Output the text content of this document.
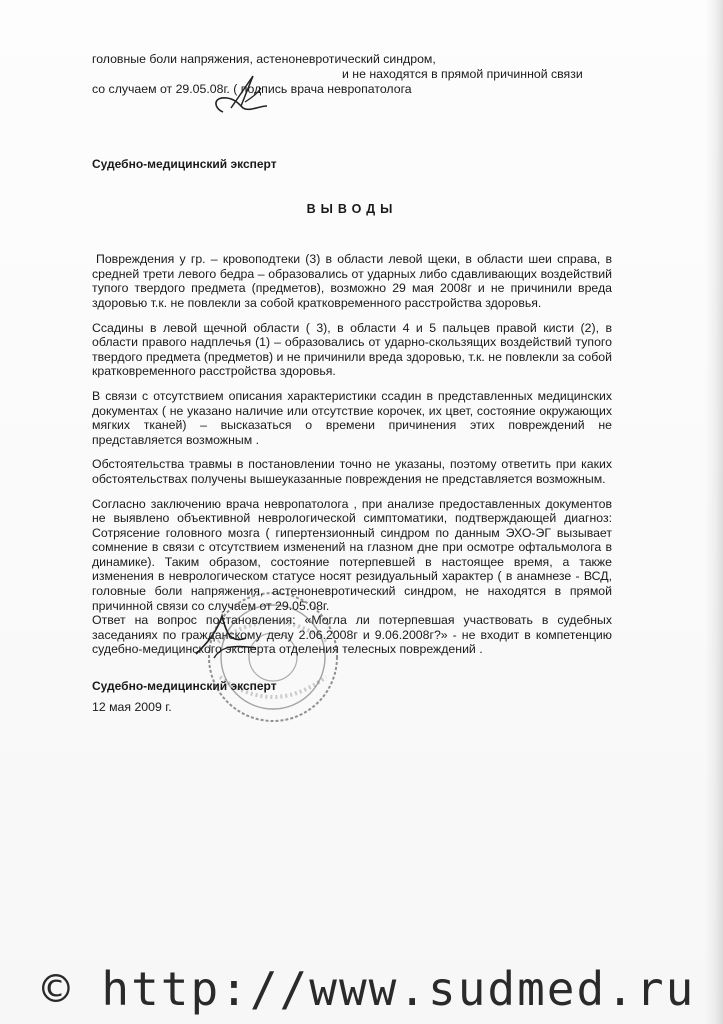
головные боли напряжения, астеноневротический синдром,
и не находятся в прямой причинной связи
со случаем от 29.05.08г. ( подпись врача невропатолога
Судебно-медицинский эксперт
ВЫВОДЫ
Повреждения у гр. – кровоподтеки (3) в области левой щеки, в области шеи справа, в средней трети левого бедра – образовались от ударных либо сдавливающих воздействий тупого твердого предмета (предметов), возможно 29 мая 2008г и не причинили вреда здоровью т.к. не повлекли за собой кратковременного расстройства здоровья.
Ссадины в левой щечной области ( 3), в области 4 и 5 пальцев правой кисти (2), в области правого надплечья (1) – образовались от ударно-скользящих воздействий тупого твердого предмета (предметов) и не причинили вреда здоровью, т.к. не повлекли за собой кратковременного расстройства здоровья.
В связи с отсутствием описания характеристики ссадин в представленных медицинских документах ( не указано наличие или отсутствие корочек, их цвет, состояние окружающих мягких тканей) – высказаться о времени причинения этих повреждений не представляется возможным .
Обстоятельства травмы в постановлении точно не указаны, поэтому ответить при каких обстоятельствах получены вышеуказанные повреждения не представляется возможным.
Согласно заключению врача невропатолога , при анализе предоставленных документов не выявлено объективной неврологической симптоматики, подтверждающей диагноз: Сотрясение головного мозга ( гипертензионный синдром по данным ЭХО-ЭГ вызывает сомнение в связи с отсутствием изменений на глазном дне при осмотре офтальмолога в динамике). Таким образом, состояние потерпевшей в настоящее время, а также изменения в неврологическом статусе носят резидуальный характер ( в анамнезе - ВСД, головные боли напряжения, астеноневротический синдром, не находятся в прямой причинной связи со случаем от 29.05.08г.
Ответ на вопрос постановления: «Могла ли потерпевшая участвовать в судебных заседаниях по гражданскому делу 2.06.2008г и 9.06.2008г?» - не входит в компетенцию судебно-медицинского эксперта отделения телесных повреждений .
Судебно-медицинский эксперт
12 мая 2009 г.
© http://www.sudmed.ru
